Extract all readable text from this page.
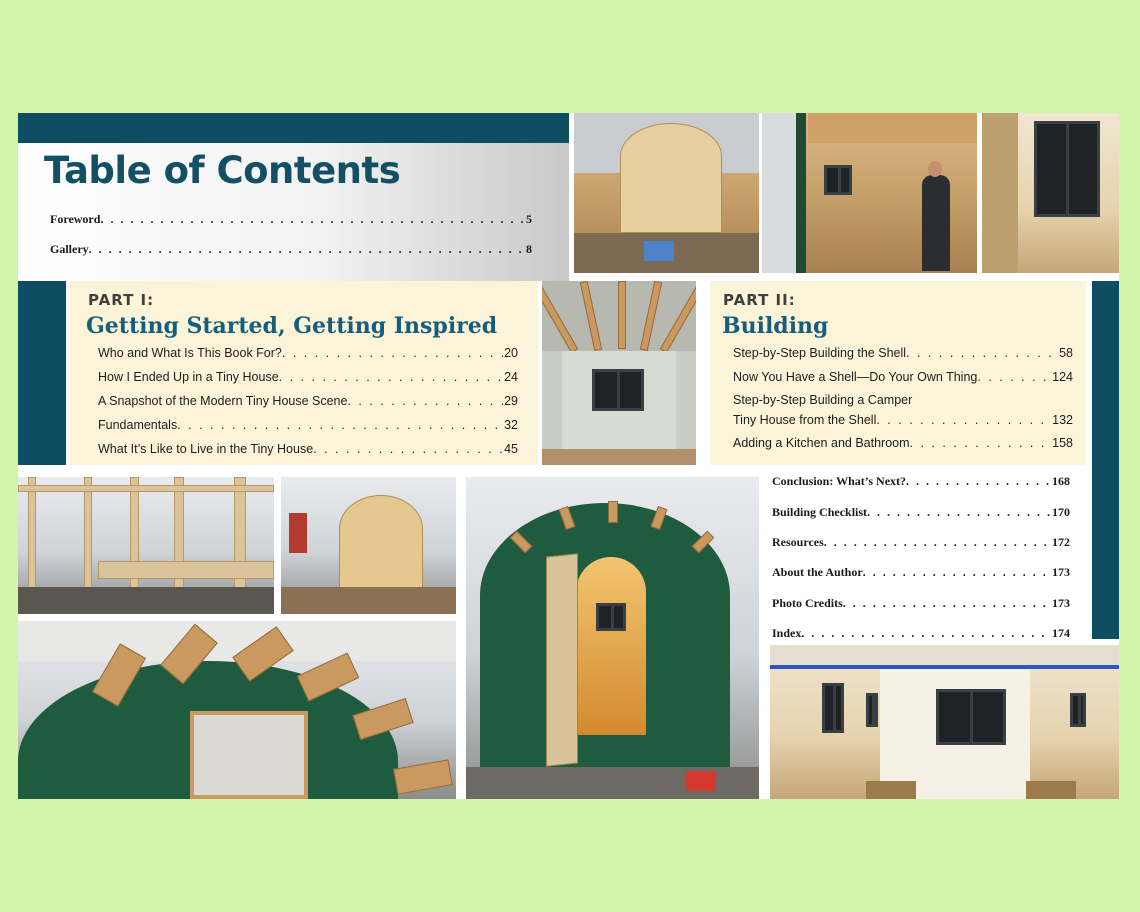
Table of Contents
Foreword . . .	5
Gallery . . .	8
PART I:
Getting Started, Getting Inspired
Who and What Is This Book For? . . .	20
How I Ended Up in a Tiny House . . .	24
A Snapshot of the Modern Tiny House Scene . . .	29
Fundamentals . . .	32
What It’s Like to Live in the Tiny House . . .	45
PART II:
Building
Step-by-Step Building the Shell . . .	58
Now You Have a Shell—Do Your Own Thing . . .	124
Step-by-Step Building a Camper
Tiny House from the Shell . . .	132
Adding a Kitchen and Bathroom . . .	158
Conclusion: What’s Next? . . .	168
Building Checklist . . .	170
Resources . . .	172
About the Author . . .	173
Photo Credits . . .	173
Index . . .	174
